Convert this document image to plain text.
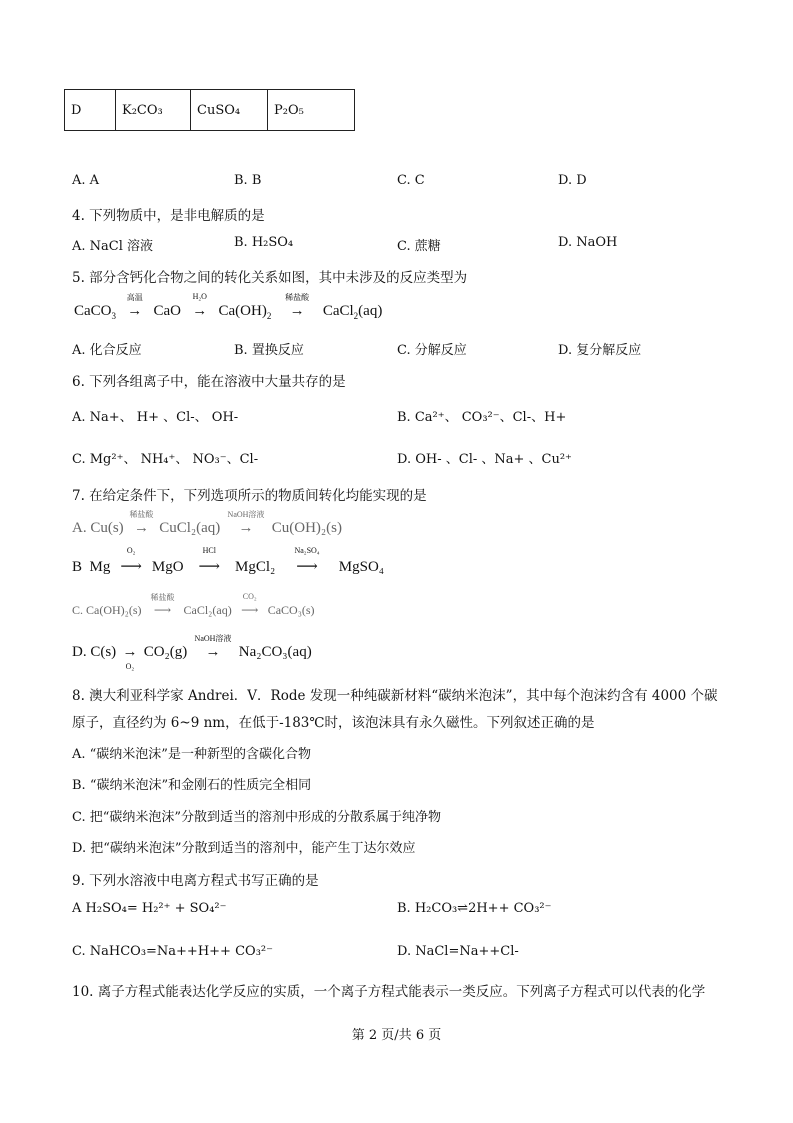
D	K₂CO₃	CuSO₄	P₂O₅
A. A	B. B	C. C	D. D
4. 下列物质中，是非电解质的是
A. NaCl 溶液	B. H₂SO₄	C. 蔗糖	D. NaOH
5. 部分含钙化合物之间的转化关系如图，其中未涉及的反应类型为
CaCO$_3$
高温
→ CaO
H₂O
→ $Ca(OH)_2$
稀盐酸
→ CaCl$_2$(aq)
A. 化合反应	B. 置换反应	C. 分解反应	D. 复分解反应
6. 下列各组离子中，能在溶液中大量共存的是
A. Na+、 H+ 、Cl-、 OH-	B. Ca²⁺、 CO₃²⁻、Cl-、H+
C. Mg²⁺、 NH₄⁺、 NO₃⁻、Cl-	D. OH- 、Cl- 、Na+ 、Cu²⁺
7. 在给定条件下，下列选项所示的物质间转化均能实现的是
A. Cu(s)
稀盐酸
→ CuCl₂(aq)
NaOH溶液
→ Cu(OH)₂(s)
B Mg
O₂
⟶ MgO
HCl
⟶ MgCl₂
Na₂SO₄
⟶ MgSO₄
C. Ca(OH)₂(s)
稀盐酸
⟶ CaCl₂(aq)
CO₂
⟶ CaCO₃(s)
D. C(s) →
O₂
CO₂(g)
NaOH溶液
→ Na₂CO₃(aq)
8. 澳大利亚科学家 Andrei．V．Rode 发现一种纯碳新材料“碳纳米泡沫”，其中每个泡沫约含有 4000 个碳
原子，直径约为 6~9 nm，在低于-183℃时，该泡沫具有永久磁性。下列叙述正确的是
A. “碳纳米泡沫”是一种新型的含碳化合物
B. “碳纳米泡沫”和金刚石的性质完全相同
C. 把“碳纳米泡沫”分散到适当的溶剂中形成的分散系属于纯净物
D. 把“碳纳米泡沫”分散到适当的溶剂中，能产生丁达尔效应
9. 下列水溶液中电离方程式书写正确的是
A H₂SO₄= H₂²⁺ + SO₄²⁻	B. H₂CO₃⇌2H++ CO₃²⁻
C. NaHCO₃=Na++H++ CO₃²⁻	D. NaCl=Na++Cl-
10. 离子方程式能表达化学反应的实质，一个离子方程式能表示一类反应。下列离子方程式可以代表的化学
第 2 页/共 6 页
